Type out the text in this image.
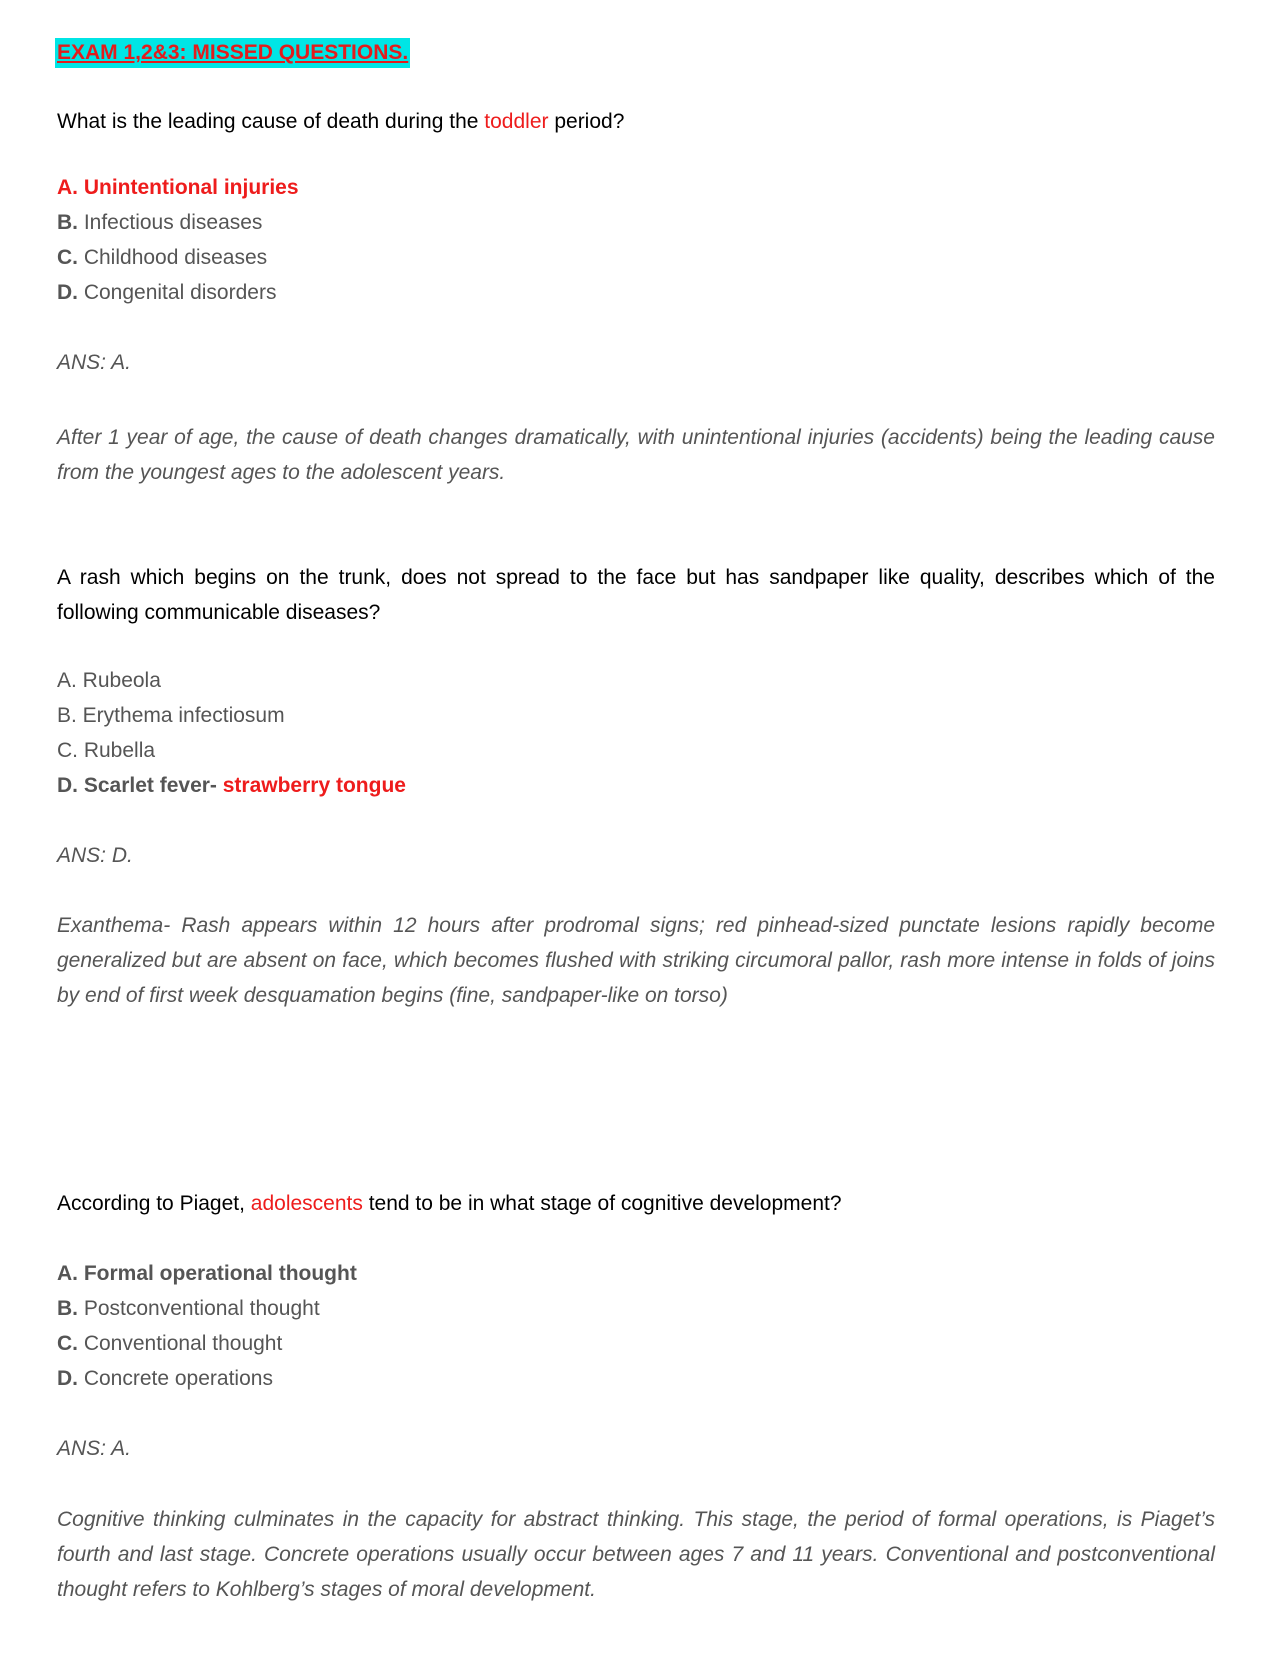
EXAM 1,2&3: MISSED QUESTIONS.

What is the leading cause of death during the toddler period?

A. Unintentional injuries

B. Infectious diseases

C. Childhood diseases

D. Congenital disorders

ANS: A.

After 1 year of age, the cause of death changes dramatically, with unintentional injuries (accidents) being the leading cause from the youngest ages to the adolescent years.

A rash which begins on the trunk, does not spread to the face but has sandpaper like quality, describes which of the following communicable diseases?

A. Rubeola

B. Erythema infectiosum

C. Rubella

D. Scarlet fever- strawberry tongue

ANS: D.

Exanthema- Rash appears within 12 hours after prodromal signs; red pinhead-sized punctate lesions rapidly become generalized but are absent on face, which becomes flushed with striking circumoral pallor, rash more intense in folds of joins by end of first week desquamation begins (fine, sandpaper-like on torso)

According to Piaget, adolescents tend to be in what stage of cognitive development?

A. Formal operational thought

B. Postconventional thought

C. Conventional thought

D. Concrete operations

ANS: A.

Cognitive thinking culminates in the capacity for abstract thinking. This stage, the period of formal operations, is Piaget’s fourth and last stage. Concrete operations usually occur between ages 7 and 11 years. Conventional and postconventional thought refers to Kohlberg’s stages of moral development.
